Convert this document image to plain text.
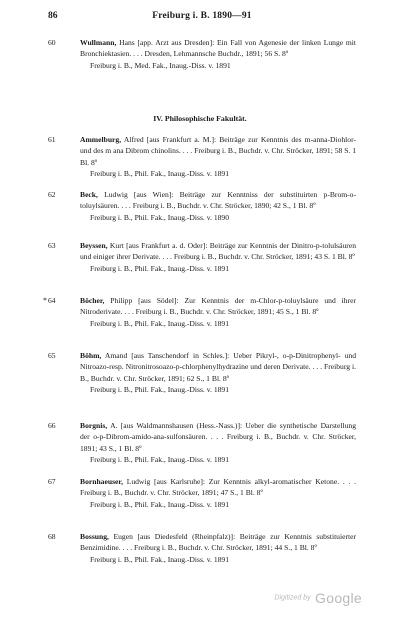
86	Freiburg i. B. 1890—91
60	Wullmann, Hans [app. Arzt aus Dresden]: Ein Fall von Agenesie der linken Lunge mit Bronchiektasien. . . . Dresden, Lehmannsche Buchdr., 1891; 56 S. 8º
Freiburg i. B., Med. Fak., Inaug.-Diss. v. 1891
IV. Philosophische Fakultät.
61	Ammelburg, Alfred [aus Frankfurt a. M.]: Beiträge zur Kenntnis des m-anna-Diohlor- und des m ana Dibrom chinolins. . . . Freiburg i. B., Buchdr. v. Chr. Ströcker, 1891; 58 S. 1 Bl. 8º
Freiburg i. B., Phil. Fak., Inaug.-Diss. v. 1891
62	Beck, Ludwig [aus Wien]: Beiträge zur Kenntniss der substituirten p-Brom-o-toluylsäuren. . . . Freiburg i. B., Buchdr. v. Chr. Ströcker, 1890; 42 S., 1 Bl. 8º
Freiburg i. B., Phil. Fak., Inaug.-Diss. v. 1890
63	Beyssen, Kurt [aus Frankfurt a. d. Oder]: Beiträge zur Kenntnis der Dinitro-p-tolulsäuren und einiger ihrer Derivate. . . . Freiburg i. B., Buchdr. v. Chr. Ströcker, 1891; 43 S. 1 Bl. 8º
Freiburg i. B., Phil. Fak., Inaug.-Diss. v. 1891
* 64	Böcher, Philipp [aus Södel]: Zur Kenntnis der m-Chlor-p-toluylsäure und ihrer Nitroderivate. . . . Freiburg i. B., Buchdr. v. Chr. Ströcker, 1891; 45 S., 1 Bl. 8º
Freiburg i. B., Phil. Fak., Inaug.-Diss. v. 1891
65	Böhm, Amand [aus Tanschendorf in Schles.]: Ueber Pikryl-, o-p-Dinitrophenyl- und Nitroazo-resp. Nitronitrosoazo-p-chlorphenylhydrazine und deren Derivate. . . . Freiburg i. B., Buchdr. v. Chr. Ströcker, 1891; 62 S., 1 Bl. 8º
Freiburg i. B., Phil. Fak., Inaug.-Diss. v. 1891
66	Borgnis, A. [aus Waldmannshausen (Hess.-Nass.)]: Ueber die synthetische Darstellung der o-p-Dibrom-amido-ana-sulfonsäuren. . . . Freiburg i. B., Buchdr. v. Chr. Ströcker, 1891; 43 S., 1 Bl. 8º
Freiburg i. B., Phil. Fak., Inaug.-Diss. v. 1891
67	Bornhaeuser, Ludwig [aus Karlsruhe]: Zur Kenntnis alkyl-aromatischer Ketone. . . . Freiburg i. B., Buchdr. v. Chr. Ströcker, 1891; 47 S., 1 Bl. 8º
Freiburg i. B., Phil. Fak., Inaug.-Diss. v. 1891
68	Bossung, Eugen [aus Diedesfeld (Rheinpfalz)]: Beiträge zur Kenntnis substituierter Benzimidine. . . . Freiburg i. B., Buchdr. v. Chr. Ströcker, 1891; 44 S., 1 Bl. 8º
Freiburg i. B., Phil. Fak., Inaug.-Diss. v. 1891
Digitized by Google
